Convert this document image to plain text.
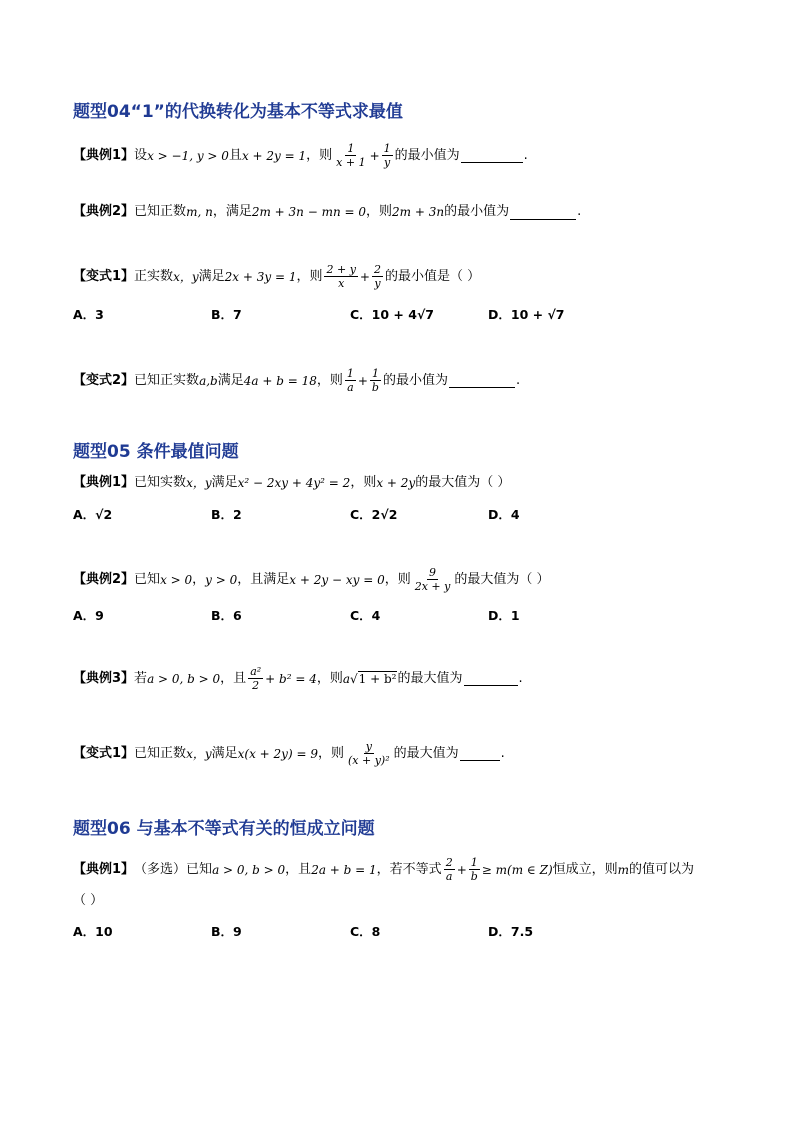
题型04“1”的代换转化为基本不等式求最值
【典例1】 设 x > −1, y > 0 且 x + 2y = 1 ，则 $\frac{1}{x + 1} + \frac{1}{y}$ 的最小值为	.
【典例2】 已知正数 m, n ，满足 2m + 3n − mn = 0 ，则 2m + 3n 的最小值为	.
【变式1】 正实数 x，y 满足 2x + 3y = 1 ，则 $\frac{2 + y}{x} + \frac{2}{y}$ 的最小值是（ ）
A．3	B．7	C．10 + 4√7	D．10 + √7
【变式2】 已知正实数 a,b 满足 4a + b = 18 ，则 $\frac{1}{a} + \frac{1}{b}$ 的最小值为	.
题型05 条件最值问题
【典例1】 已知实数 x，y 满足 x² − 2xy + 4y² = 2 ，则 x + 2y 的最大值为（ ）
A．√2	B．2	C．2√2	D．4
【典例2】 已知 x > 0 ， y > 0 ，且满足 x + 2y − xy = 0 ，则 $\frac{9}{2x + y}$ 的最大值为（ ）
A．9	B．6	C．4	D．1
【典例3】 若 a > 0, b > 0 ，且 $\frac{\text{a²}}{2} + b^2 = 4$ ，则 a√1 + b² 的最大值为	.
【变式1】 已知正数 x，y 满足 x(x + 2y) = 9 ，则 $\frac{y}{\text{(x + y)²}}$ 的最大值为	.
题型06 与基本不等式有关的恒成立问题
【典例1】 （多选）已知 a > 0, b > 0 ，且 2a + b = 1 ，若不等式 $\frac{2}{a} + \frac{1}{b} \ge m(m$ ∈ Z) 恒成立，则 m 的值可以为
（ ）
A．10	B．9	C．8	D．7.5
